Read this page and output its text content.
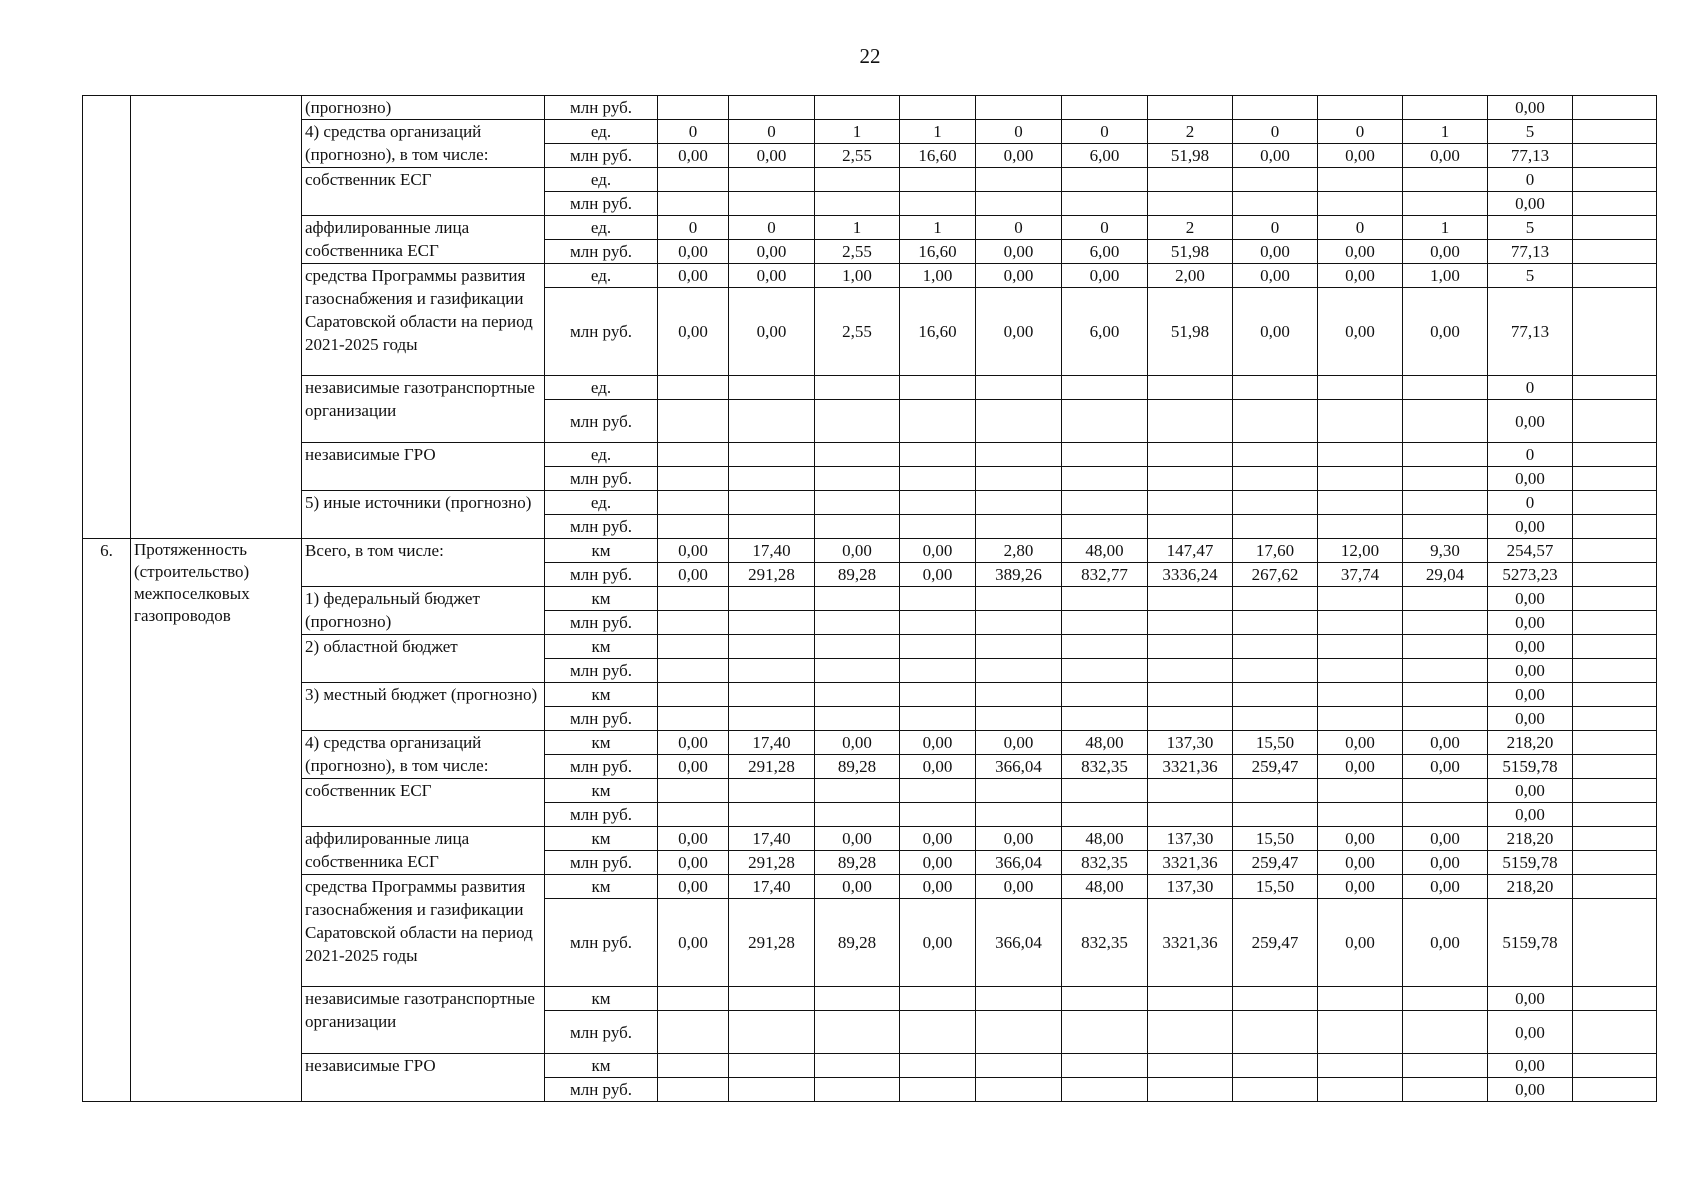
22
		(прогнозно)	млн руб.											0,00	
		4) средства организаций (прогнозно), в том числе:	ед.	0	0	1	1	0	0	2	0	0	1	5	
			млн руб.	0,00	0,00	2,55	16,60	0,00	6,00	51,98	0,00	0,00	0,00	77,13	
		собственник ЕСГ	ед.											0	
			млн руб.											0,00	
		аффилированные лица собственника ЕСГ	ед.	0	0	1	1	0	0	2	0	0	1	5	
			млн руб.	0,00	0,00	2,55	16,60	0,00	6,00	51,98	0,00	0,00	0,00	77,13	
		средства Программы развития газоснабжения и газификации Саратовской области на период 2021-2025 годы	ед.	0,00	0,00	1,00	1,00	0,00	0,00	2,00	0,00	0,00	1,00	5	
			млн руб.	0,00	0,00	2,55	16,60	0,00	6,00	51,98	0,00	0,00	0,00	77,13	
		независимые газотранспортные организации	ед.											0	
			млн руб.											0,00	
		независимые ГРО	ед.											0	
			млн руб.											0,00	
		5) иные источники (прогнозно)	ед.											0	
			млн руб.											0,00	
6.	Протяженность (строительство) межпоселковых газопроводов	Всего, в том числе:	км	0,00	17,40	0,00	0,00	2,80	48,00	147,47	17,60	12,00	9,30	254,57	
			млн руб.	0,00	291,28	89,28	0,00	389,26	832,77	3336,24	267,62	37,74	29,04	5273,23	
		1) федеральный бюджет (прогнозно)	км											0,00	
			млн руб.											0,00	
		2) областной бюджет	км											0,00	
			млн руб.											0,00	
		3) местный бюджет (прогнозно)	км											0,00	
			млн руб.											0,00	
		4) средства организаций (прогнозно), в том числе:	км	0,00	17,40	0,00	0,00	0,00	48,00	137,30	15,50	0,00	0,00	218,20	
			млн руб.	0,00	291,28	89,28	0,00	366,04	832,35	3321,36	259,47	0,00	0,00	5159,78	
		собственник ЕСГ	км											0,00	
			млн руб.											0,00	
		аффилированные лица собственника ЕСГ	км	0,00	17,40	0,00	0,00	0,00	48,00	137,30	15,50	0,00	0,00	218,20	
			млн руб.	0,00	291,28	89,28	0,00	366,04	832,35	3321,36	259,47	0,00	0,00	5159,78	
		средства Программы развития газоснабжения и газификации Саратовской области на период 2021-2025 годы	км	0,00	17,40	0,00	0,00	0,00	48,00	137,30	15,50	0,00	0,00	218,20	
			млн руб.	0,00	291,28	89,28	0,00	366,04	832,35	3321,36	259,47	0,00	0,00	5159,78	
		независимые газотранспортные организации	км											0,00	
			млн руб.											0,00	
		независимые ГРО	км											0,00	
			млн руб.											0,00	
